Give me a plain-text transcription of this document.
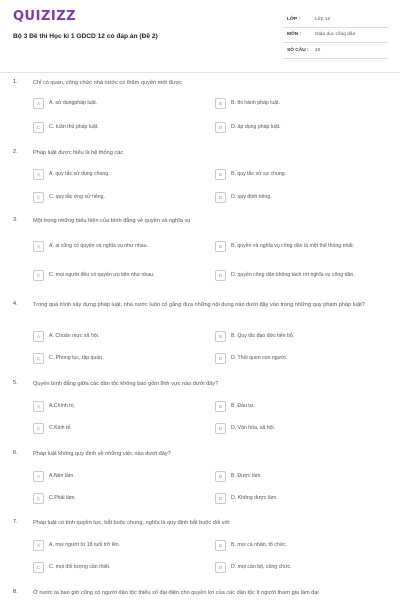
QUIZIZZ
Bộ 3 Đề thi Học kì 1 GDCD 12 có đáp án (Đề 2)
LỚP :	Lớp 12
MÔN :	Giáo dục công dân
SỐ CÂU :	40
1.	Chỉ có quan, công chức nhà nước có thẩm quyền mới được
A	A. sử dụngpháp luật.	B	B. thi hành pháp luật.
C	C. tuân thủ pháp luật.	D	D. áp dụng pháp luật.
2.	Pháp luật được hiểu là hệ thống các
A	A. quy tắc sử dụng chung.	B	B. quy tắc xử sự chung.
C	C. quy tắc ứng xử riêng.	D	D. quy định riêng.
3.	Một trong những biểu hiện của bình đẳng về quyền và nghĩa vụ
A	A. ai cũng có quyền và nghĩa vụ như nhau.	B	B. quyền và nghĩa vụ công dân là một thể thống nhất.
C	C. mọi người đều có quyền ưu tiên như nhau.	D	D. quyền công dân không tách rời nghĩa vụ công dân.
4.	Trong quá trình xây dựng pháp luật, nhà nước luôn cố gắng đưa những nội dung nào dưới đây vào trong những quy phạm pháp luật?
A	A. Chuẩn mực xã hội.	B	B. Quy tắc đạo đức tiến bộ.
C	C. Phong tục, tập quán.	D	D. Thói quen con người.
5.	Quyền bình đẳng giữa các dân tộc không bao gồm lĩnh vực nào dưới đây?
A	A.Chính trị.	B	B. Đầu tư.
C	C.Kinh tế.	D	D. Văn hóa, xã hội.
6.	Pháp luật không quy định về những việc nào dưới đây?
A	A.Nên làm.	B	B. Được làm.
C	C.Phải làm.	D	D. Không được làm.
7.	Pháp luật có tính quyền lực, bắt buộc chung, nghĩa là quy định bắt buộc đối với
A	A. mọi người từ 18 tuổi trở lên.	B	B. mọi cá nhân, tổ chức.
C	C. mọi đối tượng cần thiết.	D	D. mọi cán bộ, công chức.
8.	Ở nước ta bao giờ cũng có người dân tộc thiểu số đại diện cho quyền lợi của các dân tộc ít người tham gia làm đại
